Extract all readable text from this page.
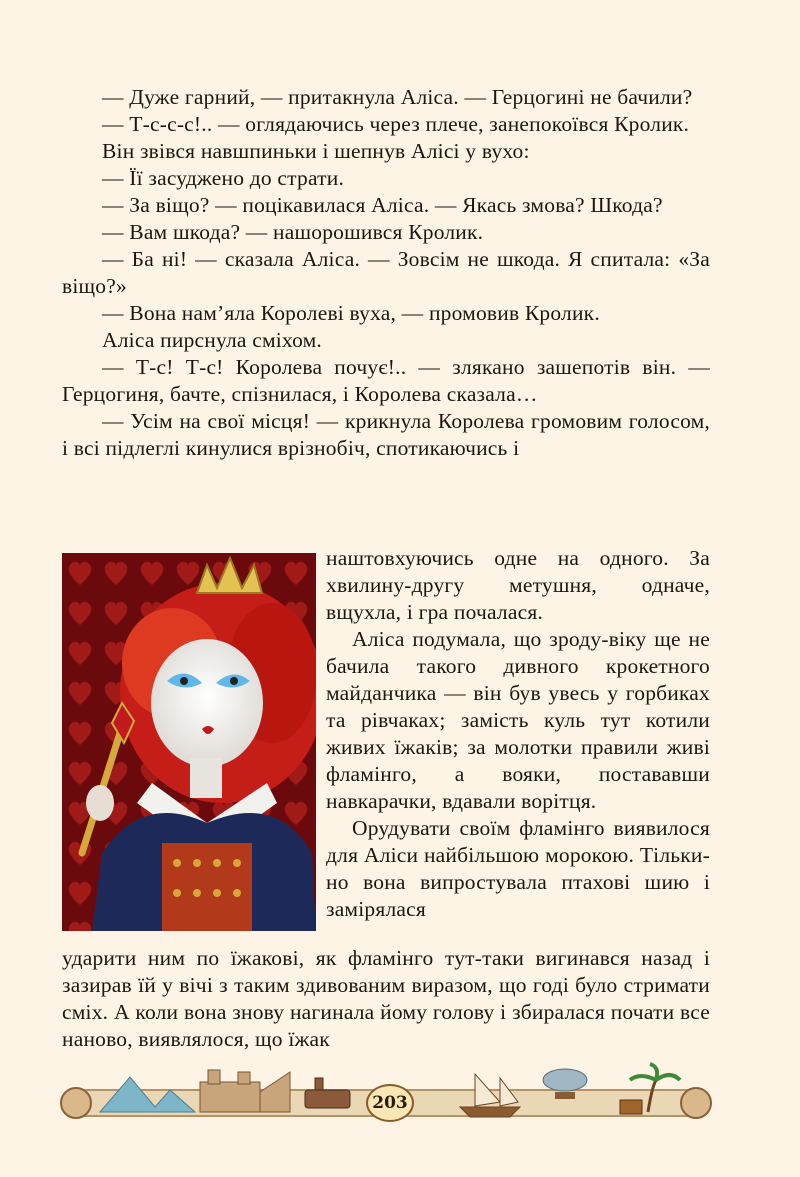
— Дуже гарний, — притакнула Аліса. — Герцогині не бачили?

— Т-с-с-с!.. — оглядаючись через плече, занепокоївся Кролик.

Він звівся навшпиньки і шепнув Алісі у вухо:

— Її засуджено до страти.

— За віщо? — поцікавилася Аліса. — Якась змова? Шкода?

— Вам шкода? — нашорошився Кролик.

— Ба ні! — сказала Аліса. — Зовсім не шкода. Я спитала: «За віщо?»

— Вона нам’яла Королеві вуха, — промовив Кролик.

Аліса пирснула сміхом.

— Т-с! Т-с! Королева почує!.. — злякано зашепотів він. — Герцогиня, бачте, спізнилася, і Королева сказала…

— Усім на свої місця! — крикнула Королева громовим голосом, і всі підлеглі кинулися врізнобіч, спотикаючись і

наштовхуючись одне на одного. За хвилину-другу метушня, одначе, вщухла, і гра почалася.

Аліса подумала, що зроду-віку ще не бачила такого дивного крокетного майданчика — він був увесь у горбиках та рівчаках; замість куль тут котили живих їжаків; за молотки правили живі фламінго, а вояки, постававши навкарачки, вдавали ворітця.

Орудувати своїм фламінго виявилося для Аліси найбільшою морокою. Тільки-но вона випростувала птахові шию і замірялася

ударити ним по їжакові, як фламінго тут-таки вигинався назад і зазирав їй у вічі з таким здивованим виразом, що годі було стримати сміх. А коли вона знову нагинала йому голову і збиралася почати все наново, виявлялося, що їжак

203
